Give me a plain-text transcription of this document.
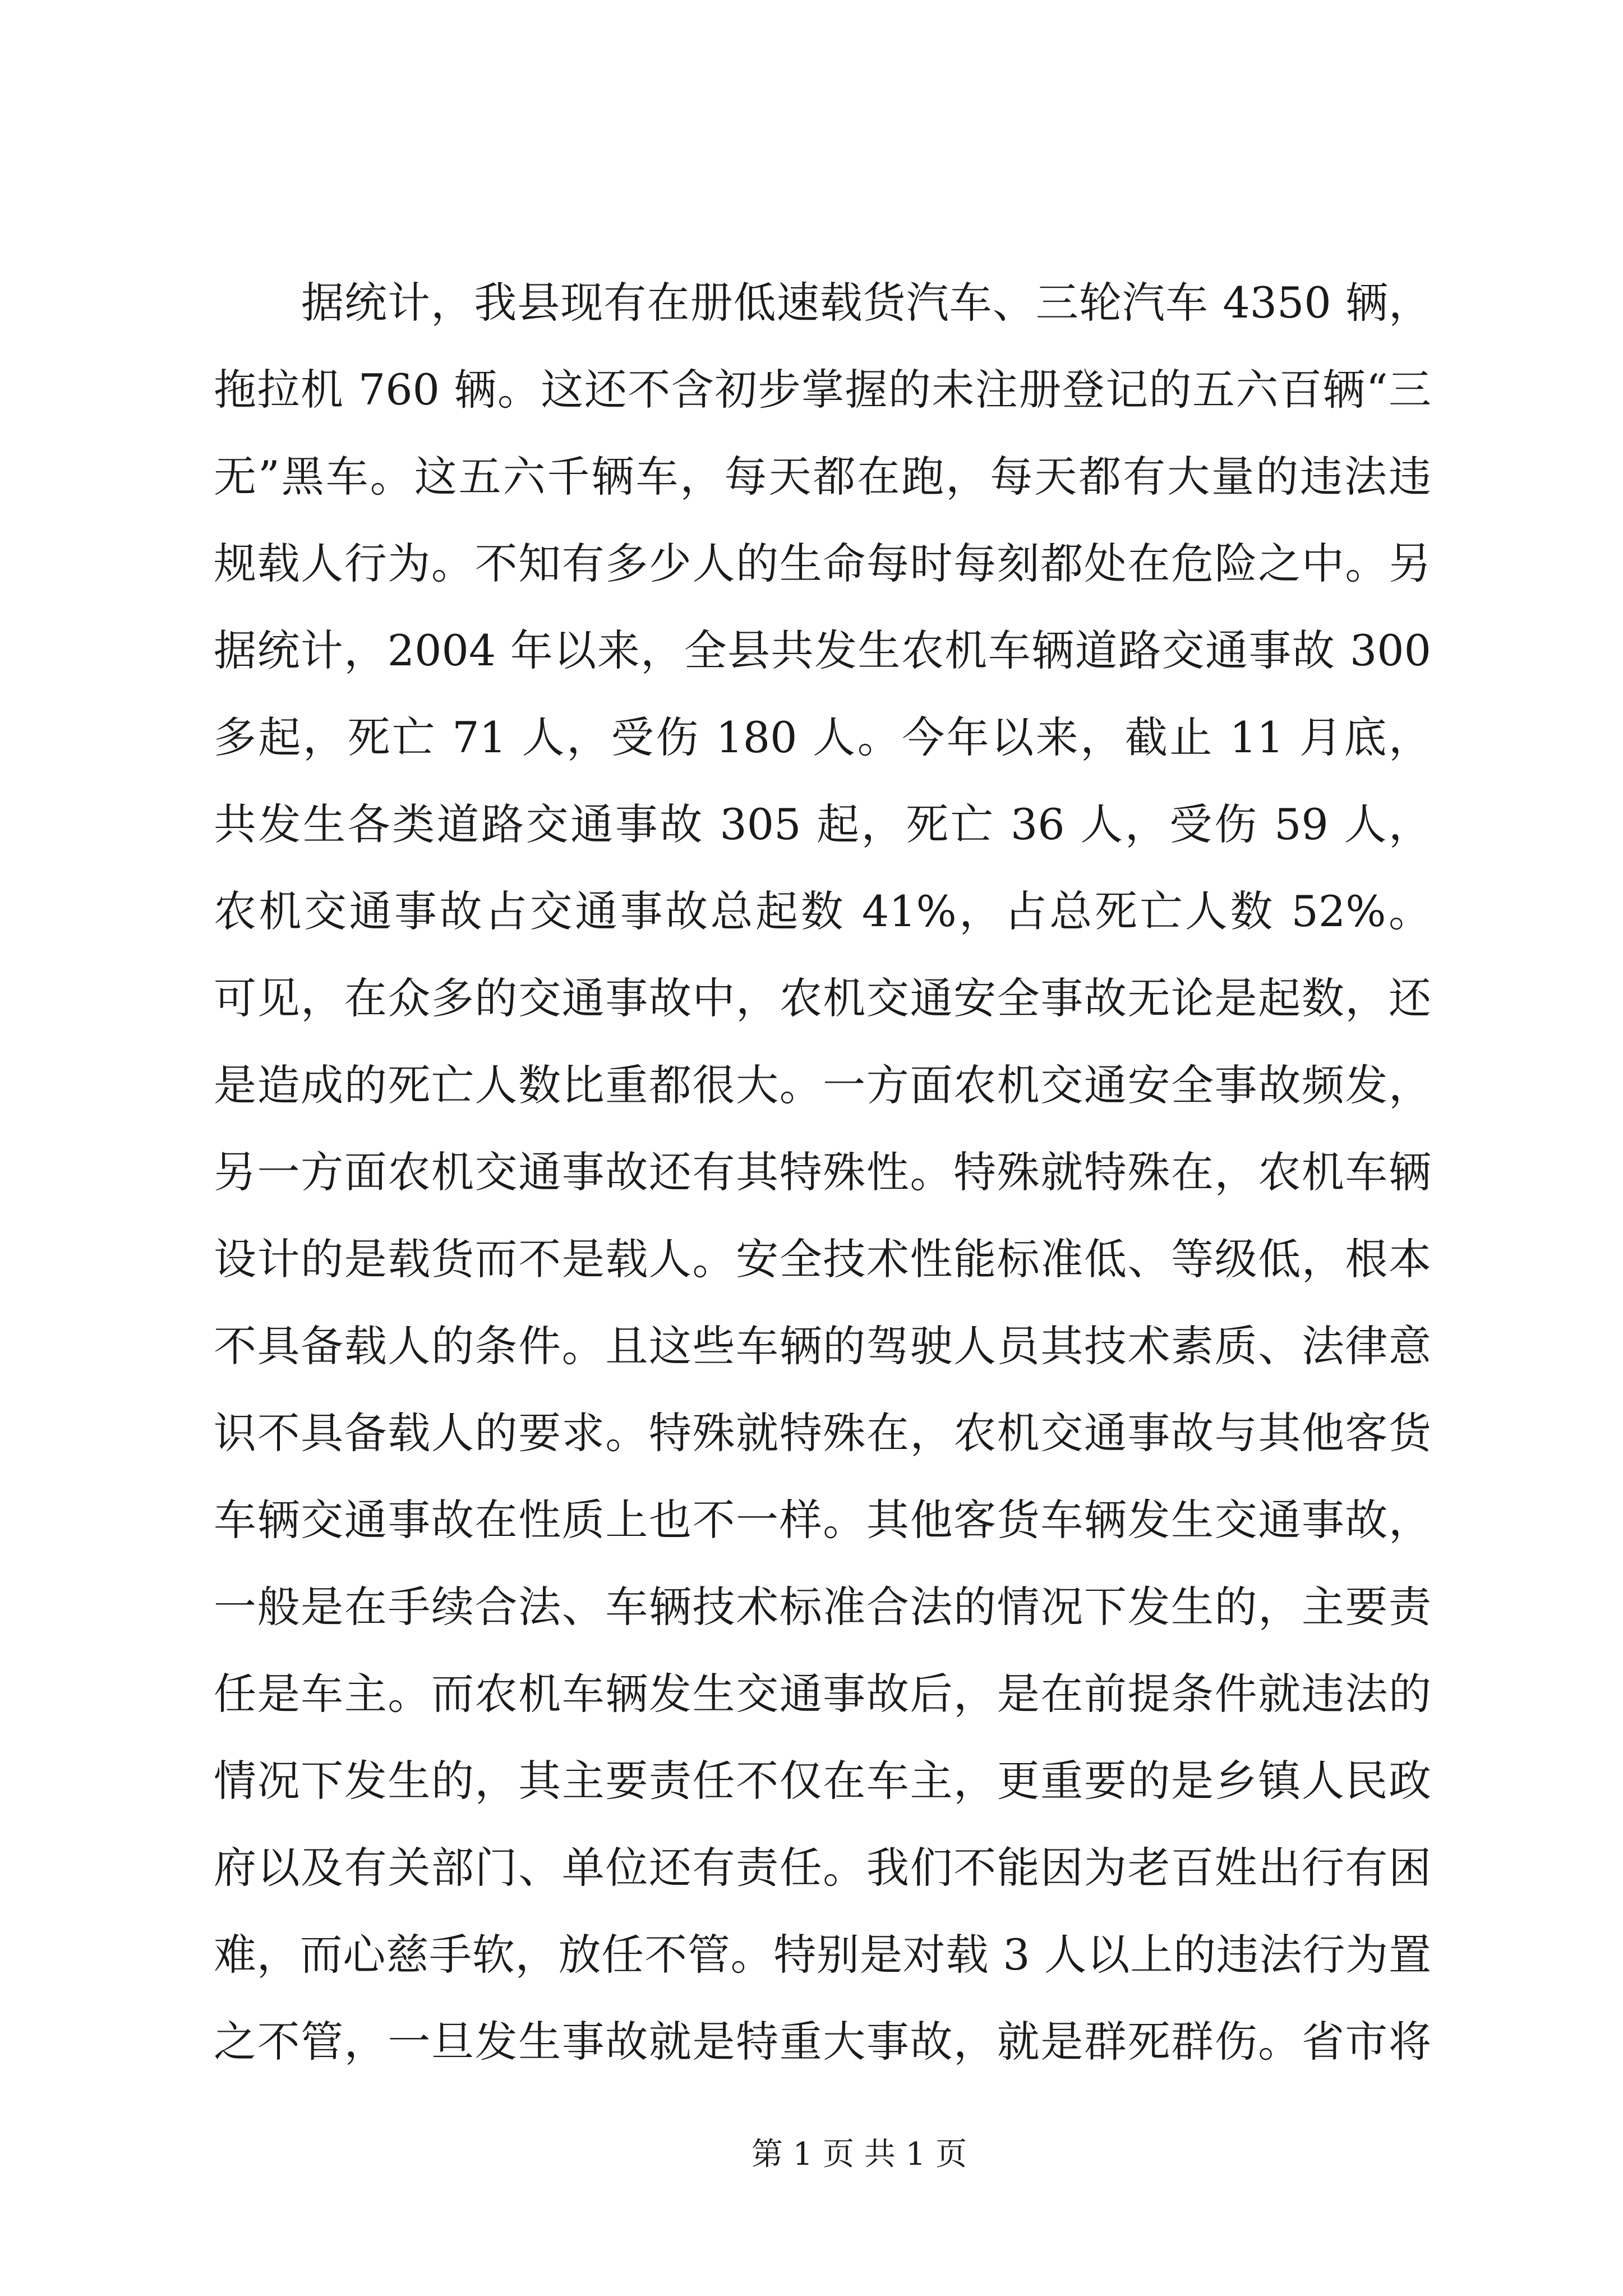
据统计，我县现有在册低速载货汽车、三轮汽车 4350 辆，
拖拉机 760 辆。这还不含初步掌握的未注册登记的五六百辆“三
无”黑车。这五六千辆车，每天都在跑，每天都有大量的违法违
规载人行为。不知有多少人的生命每时每刻都处在危险之中。另
据统计，2004 年以来，全县共发生农机车辆道路交通事故 300
多起，死亡 71 人，受伤 180 人。今年以来，截止 11 月底，
共发生各类道路交通事故 305 起，死亡 36 人，受伤 59 人，
农机交通事故占交通事故总起数 41%，占总死亡人数 52%。
可见，在众多的交通事故中，农机交通安全事故无论是起数，还
是造成的死亡人数比重都很大。一方面农机交通安全事故频发，
另一方面农机交通事故还有其特殊性。特殊就特殊在，农机车辆
设计的是载货而不是载人。安全技术性能标准低、等级低，根本
不具备载人的条件。且这些车辆的驾驶人员其技术素质、法律意
识不具备载人的要求。特殊就特殊在，农机交通事故与其他客货
车辆交通事故在性质上也不一样。其他客货车辆发生交通事故，
一般是在手续合法、车辆技术标准合法的情况下发生的，主要责
任是车主。而农机车辆发生交通事故后，是在前提条件就违法的
情况下发生的，其主要责任不仅在车主，更重要的是乡镇人民政
府以及有关部门、单位还有责任。我们不能因为老百姓出行有困
难，而心慈手软，放任不管。特别是对载 3 人以上的违法行为置
之不管，一旦发生事故就是特重大事故，就是群死群伤。省市将
第 1 页 共 1 页
